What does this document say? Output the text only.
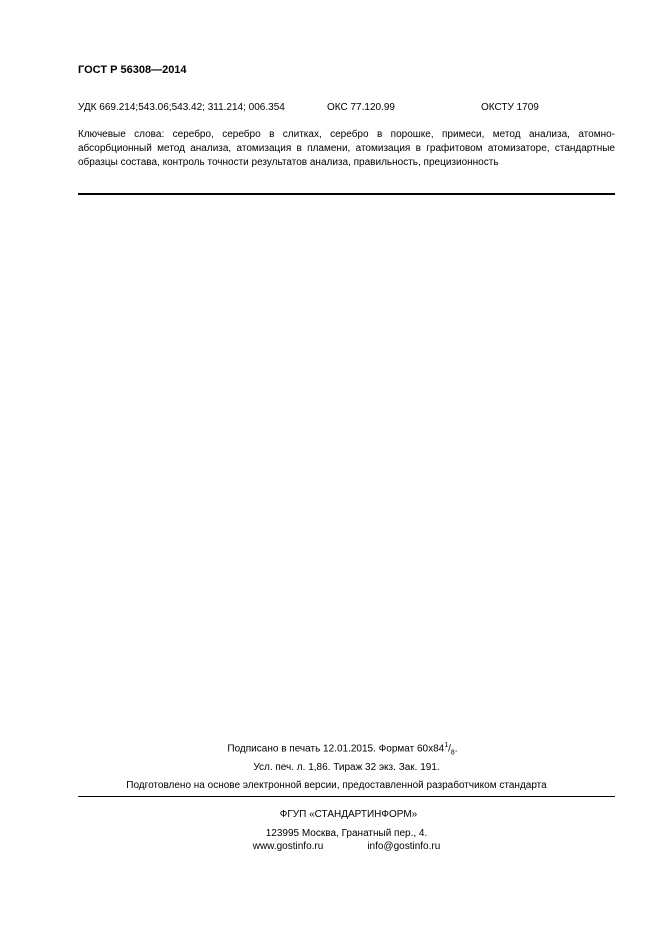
ГОСТ Р 56308—2014
УДК 669.214;543.06;543.42; 311.214; 006.354	ОКС 77.120.99	ОКСТУ 1709
Ключевые слова: серебро, серебро в слитках, серебро в порошке, примеси, метод анализа, атомно-абсорбционный метод анализа, атомизация в пламени, атомизация в графитовом атомизаторе, стандартные образцы состава, контроль точности результатов анализа, правильность, прецизионность
Подписано в печать 12.01.2015. Формат $60х84^1/_8$.
Усл. печ. л. 1,86. Тираж 32 экз. Зак. 191.
Подготовлено на основе электронной версии, предоставленной разработчиком стандарта
ФГУП «СТАНДАРТИНФОРМ»
123995 Москва, Гранатный пер., 4.
www.gostinfo.ru	info@gostinfo.ru
